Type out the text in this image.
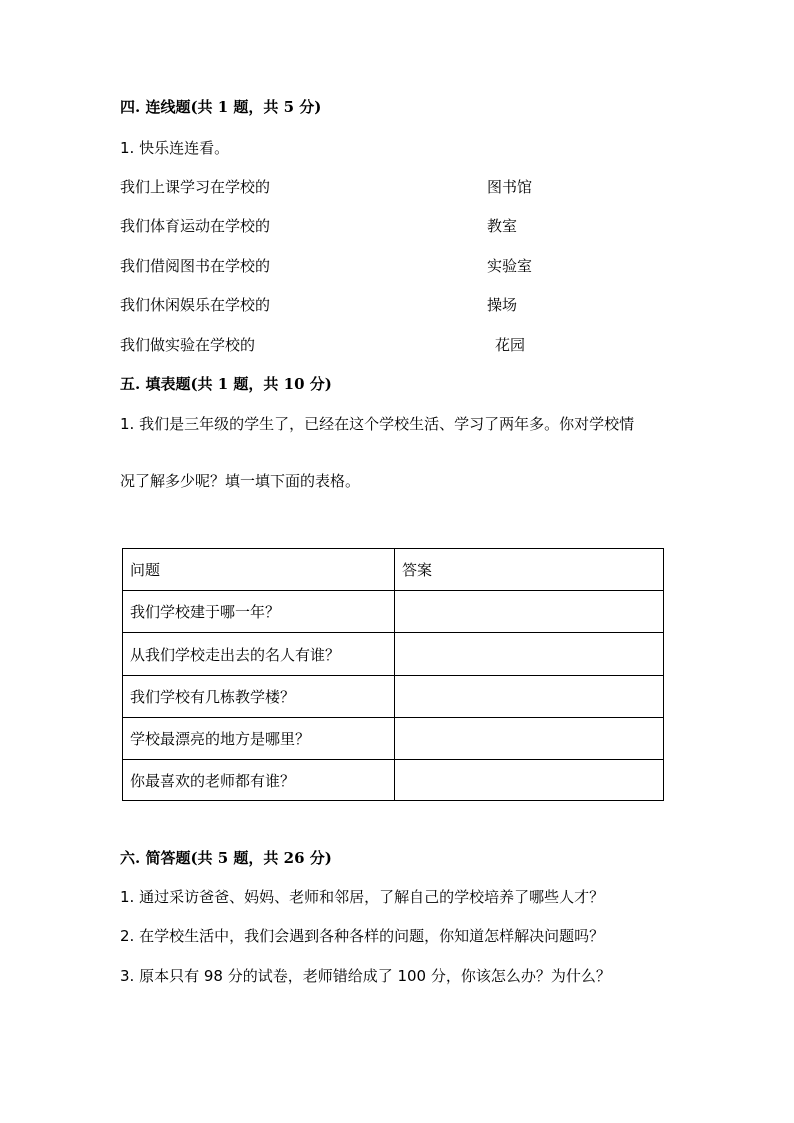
四. 连线题(共 1 题，共 5 分)
1. 快乐连连看。
我们上课学习在学校的
我们体育运动在学校的
我们借阅图书在学校的
我们休闲娱乐在学校的
我们做实验在学校的
图书馆
教室
实验室
操场
花园
五. 填表题(共 1 题，共 10 分)
1. 我们是三年级的学生了，已经在这个学校生活、学习了两年多。你对学校情
况了解多少呢？填一填下面的表格。
问题	答案
我们学校建于哪一年？
从我们学校走出去的名人有谁？
我们学校有几栋教学楼？
学校最漂亮的地方是哪里？
你最喜欢的老师都有谁？
六. 简答题(共 5 题，共 26 分)
1. 通过采访爸爸、妈妈、老师和邻居，了解自己的学校培养了哪些人才？
2. 在学校生活中，我们会遇到各种各样的问题，你知道怎样解决问题吗？
3. 原本只有 98 分的试卷，老师错给成了 100 分，你该怎么办？为什么？
